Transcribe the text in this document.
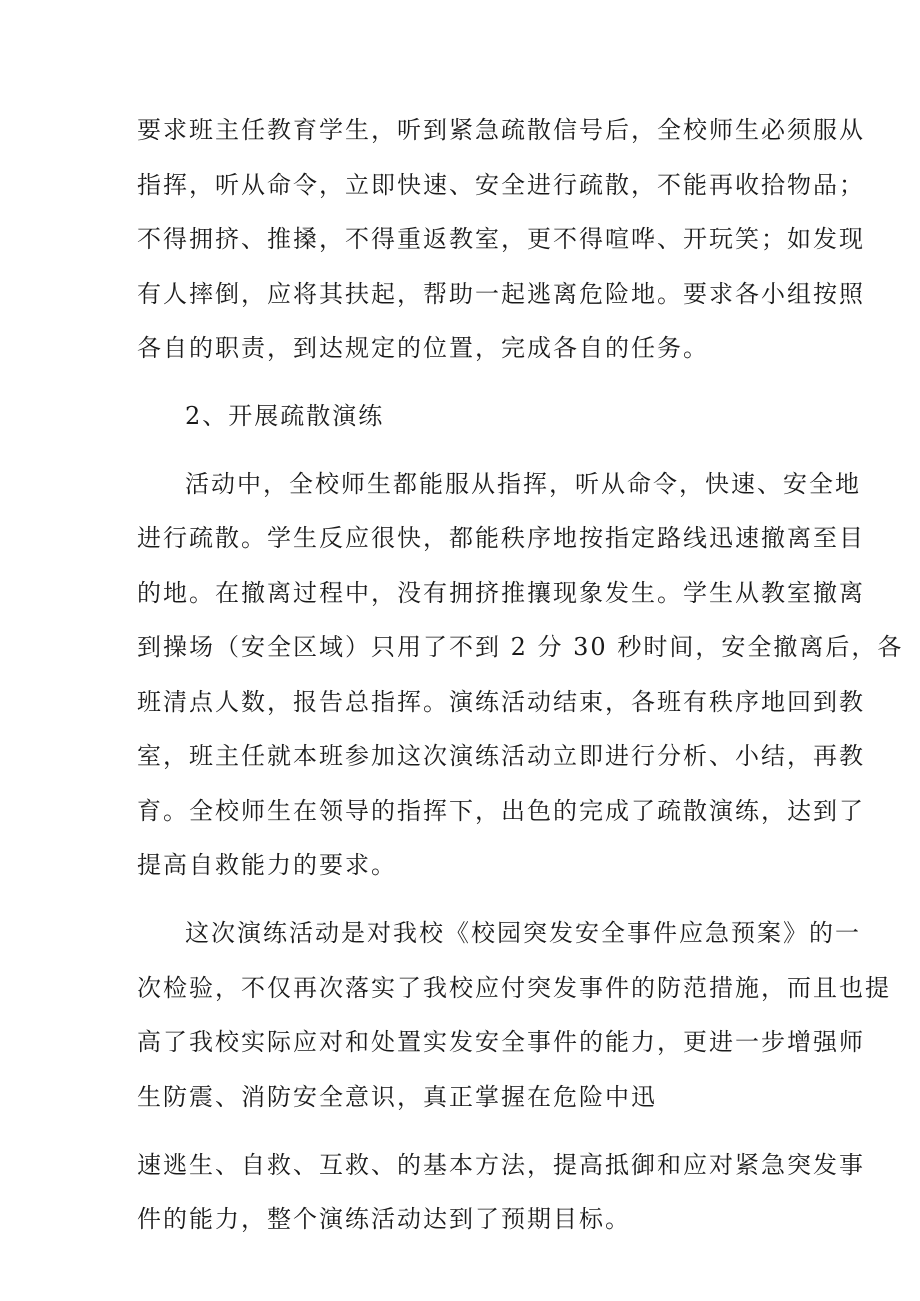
要求班主任教育学生，听到紧急疏散信号后，全校师生必须服从
指挥，听从命令，立即快速、安全进行疏散，不能再收拾物品；
不得拥挤、推搡，不得重返教室，更不得喧哗、开玩笑；如发现
有人摔倒，应将其扶起，帮助一起逃离危险地。要求各小组按照
各自的职责，到达规定的位置，完成各自的任务。
2、开展疏散演练
活动中，全校师生都能服从指挥，听从命令，快速、安全地
进行疏散。学生反应很快，都能秩序地按指定路线迅速撤离至目
的地。在撤离过程中，没有拥挤推攘现象发生。学生从教室撤离
到操场（安全区域）只用了不到 2 分 30 秒时间，安全撤离后，各
班清点人数，报告总指挥。演练活动结束，各班有秩序地回到教
室，班主任就本班参加这次演练活动立即进行分析、小结，再教
育。全校师生在领导的指挥下，出色的完成了疏散演练，达到了
提高自救能力的要求。
这次演练活动是对我校《校园突发安全事件应急预案》的一
次检验，不仅再次落实了我校应付突发事件的防范措施，而且也提
高了我校实际应对和处置实发安全事件的能力，更进一步增强师
生防震、消防安全意识，真正掌握在危险中迅
速逃生、自救、互救、的基本方法，提高抵御和应对紧急突发事
件的能力，整个演练活动达到了预期目标。
